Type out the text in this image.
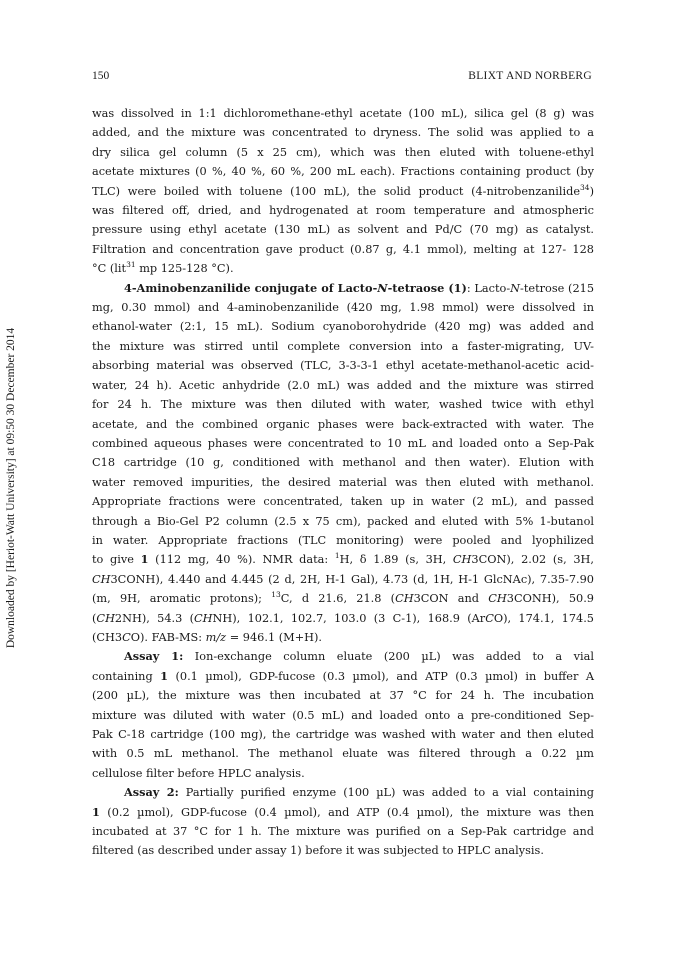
150	BLIXT AND NORBERG
Downloaded by [Heriot-Watt University] at 09:50 30 December 2014

was dissolved in 1:1 dichloromethane-ethyl acetate (100 mL), silica gel (8 g) was
added, and the mixture was concentrated to dryness. The solid was applied to a
dry silica gel column (5 x 25 cm), which was then eluted with toluene-ethyl
acetate mixtures (0 %, 40 %, 60 %, 200 mL each). Fractions containing product (by
TLC) were boiled with toluene (100 mL), the solid product (4-nitrobenzanilide$^{34}$)
was filtered off, dried, and hydrogenated at room temperature and atmospheric
pressure using ethyl acetate (130 mL) as solvent and Pd/C (70 mg) as catalyst.
Filtration and concentration gave product (0.87 g, 4.1 mmol), melting at 127- 128
°C (lit$^{31}$ mp 125-128 °C).

4-Aminobenzanilide conjugate of Lacto-N-tetraose (1): Lacto-N-tetrose (215
mg, 0.30 mmol) and 4-aminobenzanilide (420 mg, 1.98 mmol) were dissolved in
ethanol-water (2:1, 15 mL). Sodium cyanoborohydride (420 mg) was added and
the mixture was stirred until complete conversion into a faster-migrating, UV-
absorbing material was observed (TLC, 3-3-3-1 ethyl acetate-methanol-acetic acid-
water, 24 h). Acetic anhydride (2.0 mL) was added and the mixture was stirred
for 24 h. The mixture was then diluted with water, washed twice with ethyl
acetate, and the combined organic phases were back-extracted with water. The
combined aqueous phases were concentrated to 10 mL and loaded onto a Sep-Pak
C18 cartridge (10 g, conditioned with methanol and then water). Elution with
water removed impurities, the desired material was then eluted with methanol.
Appropriate fractions were concentrated, taken up in water (2 mL), and passed
through a Bio-Gel P2 column (2.5 x 75 cm), packed and eluted with 5% 1-butanol
in water. Appropriate fractions (TLC monitoring) were pooled and lyophilized
to give 1 (112 mg, 40 %). NMR data: $^1$H, δ 1.89 (s, 3H, CH3CON), 2.02 (s, 3H,
CH3CONH), 4.440 and 4.445 (2 d, 2H, H-1 Gal), 4.73 (d, 1H, H-1 GlcNAc), 7.35-7.90
(m, 9H, aromatic protons); $^{13}$C, d 21.6, 21.8 (CH3CON and CH3CONH), 50.9
(CH2NH), 54.3 (CHNH), 102.1, 102.7, 103.0 (3 C-1), 168.9 (ArCO), 174.1, 174.5
(CH3CO). FAB-MS: m/z = 946.1 (M+H).

Assay 1: Ion-exchange column eluate (200 µL) was added to a vial
containing 1 (0.1 µmol), GDP-fucose (0.3 µmol), and ATP (0.3 µmol) in buffer A
(200 µL), the mixture was then incubated at 37 °C for 24 h. The incubation
mixture was diluted with water (0.5 mL) and loaded onto a pre-conditioned Sep-
Pak C-18 cartridge (100 mg), the cartridge was washed with water and then eluted
with 0.5 mL methanol. The methanol eluate was filtered through a 0.22 µm
cellulose filter before HPLC analysis.

Assay 2: Partially purified enzyme (100 µL) was added to a vial containing
1 (0.2 µmol), GDP-fucose (0.4 µmol), and ATP (0.4 µmol), the mixture was then
incubated at 37 °C for 1 h. The mixture was purified on a Sep-Pak cartridge and
filtered (as described under assay 1) before it was subjected to HPLC analysis.
